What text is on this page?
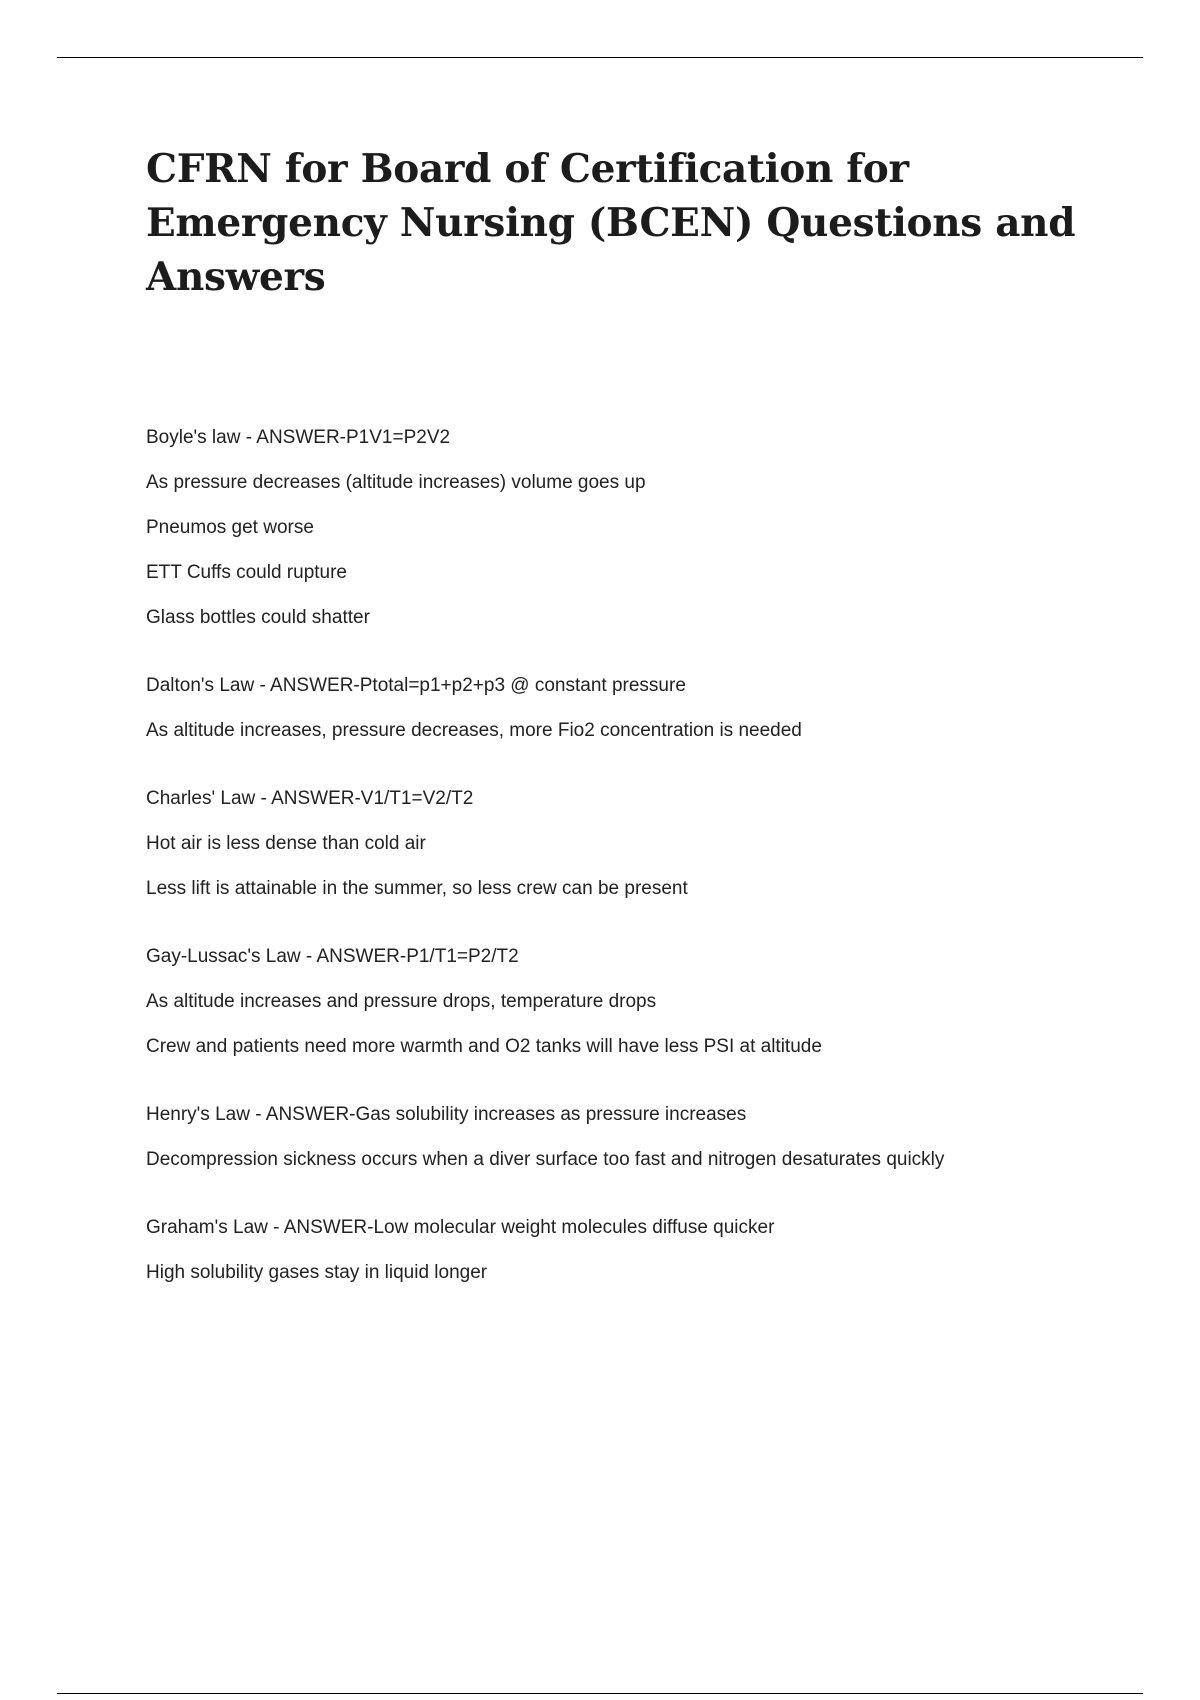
CFRN for Board of Certification for Emergency Nursing (BCEN) Questions and Answers
Boyle's law - ANSWER-P1V1=P2V2
As pressure decreases (altitude increases) volume goes up
Pneumos get worse
ETT Cuffs could rupture
Glass bottles could shatter
Dalton's Law - ANSWER-Ptotal=p1+p2+p3 @ constant pressure
As altitude increases, pressure decreases, more Fio2 concentration is needed
Charles' Law - ANSWER-V1/T1=V2/T2
Hot air is less dense than cold air
Less lift is attainable in the summer, so less crew can be present
Gay-Lussac's Law - ANSWER-P1/T1=P2/T2
As altitude increases and pressure drops, temperature drops
Crew and patients need more warmth and O2 tanks will have less PSI at altitude
Henry's Law - ANSWER-Gas solubility increases as pressure increases
Decompression sickness occurs when a diver surface too fast and nitrogen desaturates quickly
Graham's Law - ANSWER-Low molecular weight molecules diffuse quicker
High solubility gases stay in liquid longer
